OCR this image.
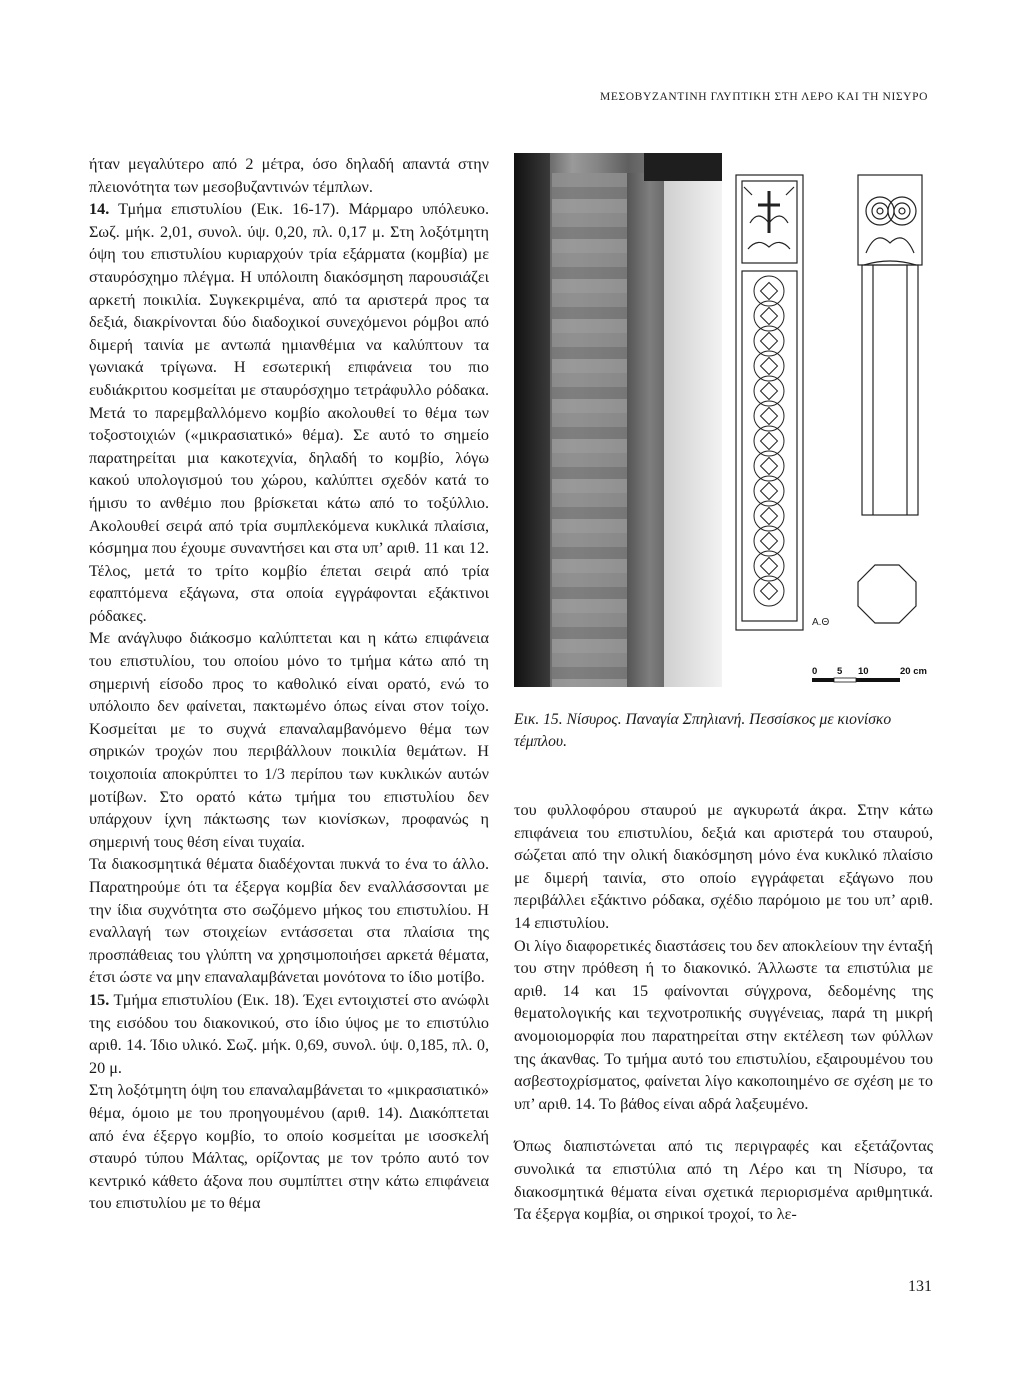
ΜΕΣΟΒΥΖΑΝΤΙΝΗ ΓΛΥΠΤΙΚΗ ΣΤΗ ΛΕΡΟ ΚΑΙ ΤΗ ΝΙΣΥΡΟ

ήταν μεγαλύτερο από 2 μέτρα, όσο δηλαδή απαντά στην πλειονότητα των μεσοβυζαντινών τέμπλων.

14. Τμήμα επιστυλίου (Εικ. 16-17). Μάρμαρο υπόλευκο. Σωζ. μήκ. 2,01, συνολ. ύψ. 0,20, πλ. 0,17 μ. Στη λοξότμητη όψη του επιστυλίου κυριαρχούν τρία εξάρματα (κομβία) με σταυρόσχημο πλέγμα. Η υπόλοιπη διακόσμηση παρουσιάζει αρκετή ποικιλία. Συγκεκριμένα, από τα αριστερά προς τα δεξιά, διακρίνονται δύο διαδοχικοί συνεχόμενοι ρόμβοι από διμερή ταινία με αντωπά ημιανθέμια να καλύπτουν τα γωνιακά τρίγωνα. Η εσωτερική επιφάνεια του πιο ευδιάκριτου κοσμείται με σταυρόσχημο τετράφυλλο ρόδακα. Μετά το παρεμβαλλόμενο κομβίο ακολουθεί το θέμα των τοξοστοιχιών («μικρασιατικό» θέμα). Σε αυτό το σημείο παρατηρείται μια κακοτεχνία, δηλαδή το κομβίο, λόγω κακού υπολογισμού του χώρου, καλύπτει σχεδόν κατά το ήμισυ το ανθέμιο που βρίσκεται κάτω από το τοξύλλιο. Ακολουθεί σειρά από τρία συμπλεκόμενα κυκλικά πλαίσια, κόσμημα που έχουμε συναντήσει και στα υπ’ αριθ. 11 και 12. Τέλος, μετά το τρίτο κομβίο έπεται σειρά από τρία εφαπτόμενα εξάγωνα, στα οποία εγγράφονται εξάκτινοι ρόδακες.

Με ανάγλυφο διάκοσμο καλύπτεται και η κάτω επιφάνεια του επιστυλίου, του οποίου μόνο το τμήμα κάτω από τη σημερινή είσοδο προς το καθολικό είναι ορατό, ενώ το υπόλοιπο δεν φαίνεται, πακτωμένο όπως είναι στον τοίχο. Κοσμείται με το συχνά επαναλαμβανόμενο θέμα των σηρικών τροχών που περιβάλλουν ποικιλία θεμάτων. Η τοιχοποιία αποκρύπτει το 1/3 περίπου των κυκλικών αυτών μοτίβων. Στο ορατό κάτω τμήμα του επιστυλίου δεν υπάρχουν ίχνη πάκτωσης των κιονίσκων, προφανώς η σημερινή τους θέση είναι τυχαία.

Τα διακοσμητικά θέματα διαδέχονται πυκνά το ένα το άλλο. Παρατηρούμε ότι τα έξεργα κομβία δεν εναλλάσσονται με την ίδια συχνότητα στο σωζόμενο μήκος του επιστυλίου. Η εναλλαγή των στοιχείων εντάσσεται στα πλαίσια της προσπάθειας του γλύπτη να χρησιμοποιήσει αρκετά θέματα, έτσι ώστε να μην επαναλαμβάνεται μονότονα το ίδιο μοτίβο.

15. Τμήμα επιστυλίου (Εικ. 18). Έχει εντοιχιστεί στο ανώφλι της εισόδου του διακονικού, στο ίδιο ύψος με το επιστύλιο αριθ. 14. Ίδιο υλικό. Σωζ. μήκ. 0,69, συνολ. ύψ. 0,185, πλ. 0, 20 μ.

Στη λοξότμητη όψη του επαναλαμβάνεται το «μικρασιατικό» θέμα, όμοιο με του προηγουμένου (αριθ. 14). Διακόπτεται από ένα έξεργο κομβίο, το οποίο κοσμείται με ισοσκελή σταυρό τύπου Μάλτας, ορίζοντας με τον τρόπο αυτό τον κεντρικό κάθετο άξονα που συμπίπτει στην κάτω επιφάνεια του επιστυλίου με το θέμα

Α.Θ
0 5 10	20 cm
Εικ. 15. Νίσυρος. Παναγία Σπηλιανή. Πεσσίσκος με κιονίσκο τέμπλου.

του φυλλοφόρου σταυρού με αγκυρωτά άκρα. Στην κάτω επιφάνεια του επιστυλίου, δεξιά και αριστερά του σταυρού, σώζεται από την ολική διακόσμηση μόνο ένα κυκλικό πλαίσιο με διμερή ταινία, στο οποίο εγγράφεται εξάγωνο που περιβάλλει εξάκτινο ρόδακα, σχέδιο παρόμοιο με του υπ’ αριθ. 14 επιστυλίου.

Οι λίγο διαφορετικές διαστάσεις του δεν αποκλείουν την ένταξή του στην πρόθεση ή το διακονικό. Άλλωστε τα επιστύλια με αριθ. 14 και 15 φαίνονται σύγχρονα, δεδομένης της θεματολογικής και τεχνοτροπικής συγγένειας, παρά τη μικρή ανομοιομορφία που παρατηρείται στην εκτέλεση των φύλλων της άκανθας. Το τμήμα αυτό του επιστυλίου, εξαιρουμένου του ασβεστοχρίσματος, φαίνεται λίγο κακοποιημένο σε σχέση με το υπ’ αριθ. 14. Το βάθος είναι αδρά λαξευμένο.

Όπως διαπιστώνεται από τις περιγραφές και εξετάζοντας συνολικά τα επιστύλια από τη Λέρο και τη Νίσυρο, τα διακοσμητικά θέματα είναι σχετικά περιορισμένα αριθμητικά. Τα έξεργα κομβία, οι σηρικοί τροχοί, το λε-

131
